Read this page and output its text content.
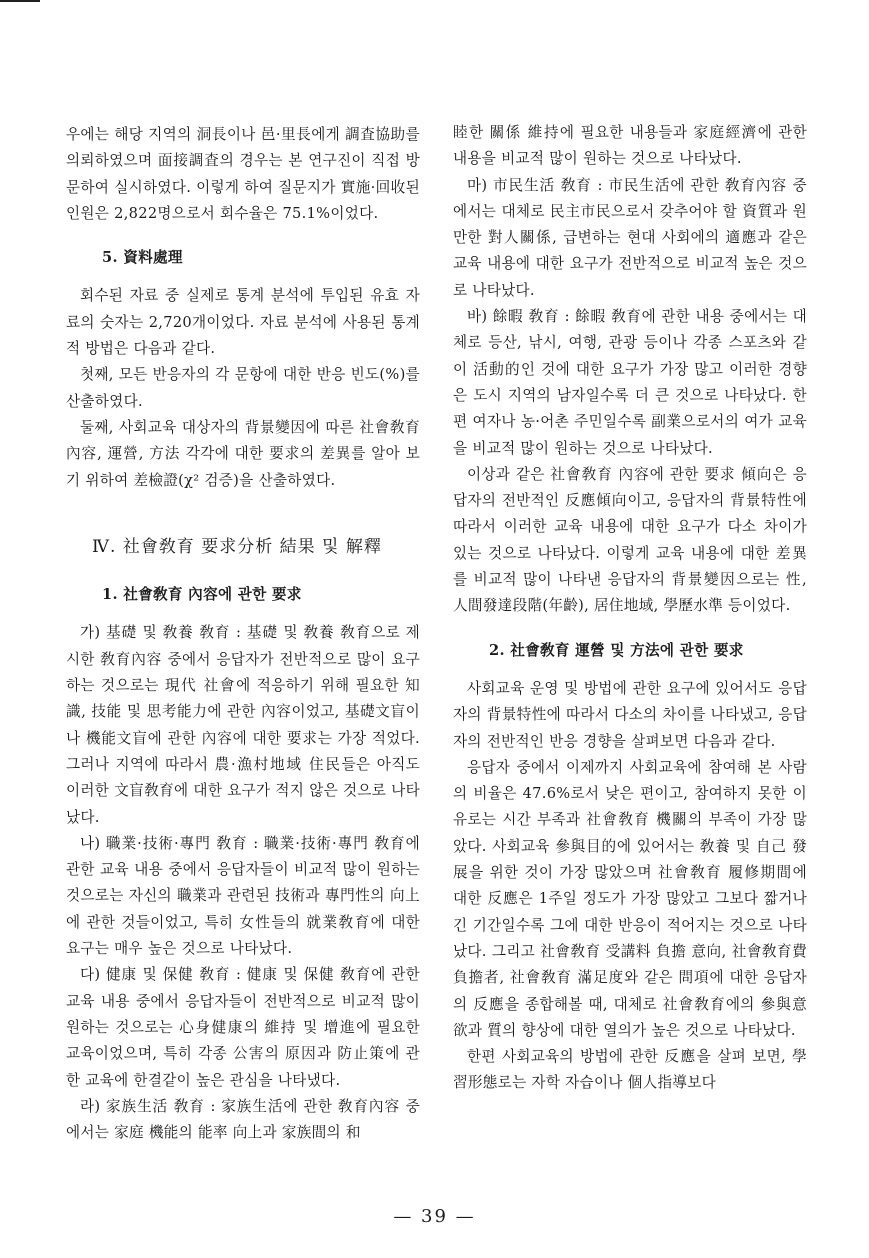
우에는 해당 지역의 洞長이나 邑·里長에게 調査協助를 의뢰하였으며 面接調査의 경우는 본 연구진이 직접 방문하여 실시하였다. 이렇게 하여 질문지가 實施·回收된 인원은 2,822명으로서 회수율은 75.1%이었다.

5. 資料處理

회수된 자료 중 실제로 통계 분석에 투입된 유효 자료의 숫자는 2,720개이었다. 자료 분석에 사용된 통계적 방법은 다음과 같다.

첫째, 모든 반응자의 각 문항에 대한 반응 빈도(%)를 산출하였다.

둘째, 사회교육 대상자의 背景變因에 따른 社會敎育 內容, 運營, 方法 각각에 대한 要求의 差異를 알아 보기 위하여 差檢證(χ² 검증)을 산출하였다.

Ⅳ. 社會敎育 要求分析 結果 및 解釋

1. 社會敎育 內容에 관한 要求

가) 基礎 및 敎養 敎育 : 基礎 및 敎養 敎育으로 제시한 敎育內容 중에서 응답자가 전반적으로 많이 요구하는 것으로는 現代 社會에 적응하기 위해 필요한 知識, 技能 및 思考能力에 관한 內容이었고, 基礎文盲이나 機能文盲에 관한 內容에 대한 要求는 가장 적었다. 그러나 지역에 따라서 農·漁村地域 住民들은 아직도 이러한 文盲敎育에 대한 요구가 적지 않은 것으로 나타났다.

나) 職業·技術·專門 敎育 : 職業·技術·專門 敎育에 관한 교육 내용 중에서 응답자들이 비교적 많이 원하는 것으로는 자신의 職業과 관련된 技術과 專門性의 向上에 관한 것들이었고, 특히 女性들의 就業敎育에 대한 요구는 매우 높은 것으로 나타났다.

다) 健康 및 保健 敎育 : 健康 및 保健 敎育에 관한 교육 내용 중에서 응답자들이 전반적으로 비교적 많이 원하는 것으로는 心身健康의 維持 및 增進에 필요한 교육이었으며, 특히 각종 公害의 原因과 防止策에 관한 교육에 한결같이 높은 관심을 나타냈다.

라) 家族生活 敎育 : 家族生活에 관한 敎育內容 중에서는 家庭 機能의 能率 向上과 家族間의 和

睦한 關係 維持에 필요한 내용들과 家庭經濟에 관한 내용을 비교적 많이 원하는 것으로 나타났다.

마) 市民生活 敎育 : 市民生活에 관한 敎育內容 중에서는 대체로 民主市民으로서 갖추어야 할 資質과 원만한 對人關係, 급변하는 현대 사회에의 適應과 같은 교육 내용에 대한 요구가 전반적으로 비교적 높은 것으로 나타났다.

바) 餘暇 敎育 : 餘暇 敎育에 관한 내용 중에서는 대체로 등산, 낚시, 여행, 관광 등이나 각종 스포츠와 같이 活動的인 것에 대한 요구가 가장 많고 이러한 경향은 도시 지역의 남자일수록 더 큰 것으로 나타났다. 한편 여자나 농·어촌 주민일수록 副業으로서의 여가 교육을 비교적 많이 원하는 것으로 나타났다.

이상과 같은 社會敎育 內容에 관한 要求 傾向은 응답자의 전반적인 反應傾向이고, 응답자의 背景特性에 따라서 이러한 교육 내용에 대한 요구가 다소 차이가 있는 것으로 나타났다. 이렇게 교육 내용에 대한 差異를 비교적 많이 나타낸 응답자의 背景變因으로는 性, 人間發達段階(年齡), 居住地域, 學歷水準 등이었다.

2. 社會敎育 運營 및 方法에 관한 要求

사회교육 운영 및 방법에 관한 요구에 있어서도 응답자의 背景特性에 따라서 다소의 차이를 나타냈고, 응답자의 전반적인 반응 경향을 살펴보면 다음과 같다.

응답자 중에서 이제까지 사회교육에 참여해 본 사람의 비율은 47.6%로서 낮은 편이고, 참여하지 못한 이유로는 시간 부족과 社會敎育 機關의 부족이 가장 많았다. 사회교육 參與目的에 있어서는 敎養 및 自己 發展을 위한 것이 가장 많았으며 社會敎育 履修期間에 대한 反應은 1주일 정도가 가장 많았고 그보다 짧거나 긴 기간일수록 그에 대한 반응이 적어지는 것으로 나타났다. 그리고 社會敎育 受講料 負擔 意向, 社會敎育費 負擔者, 社會敎育 滿足度와 같은 問項에 대한 응답자의 反應을 종합해볼 때, 대체로 社會敎育에의 參與意欲과 質의 향상에 대한 열의가 높은 것으로 나타났다.

한편 사회교육의 방법에 관한 反應을 살펴 보면, 學習形態로는 자학 자습이나 個人指導보다

— 39 —
